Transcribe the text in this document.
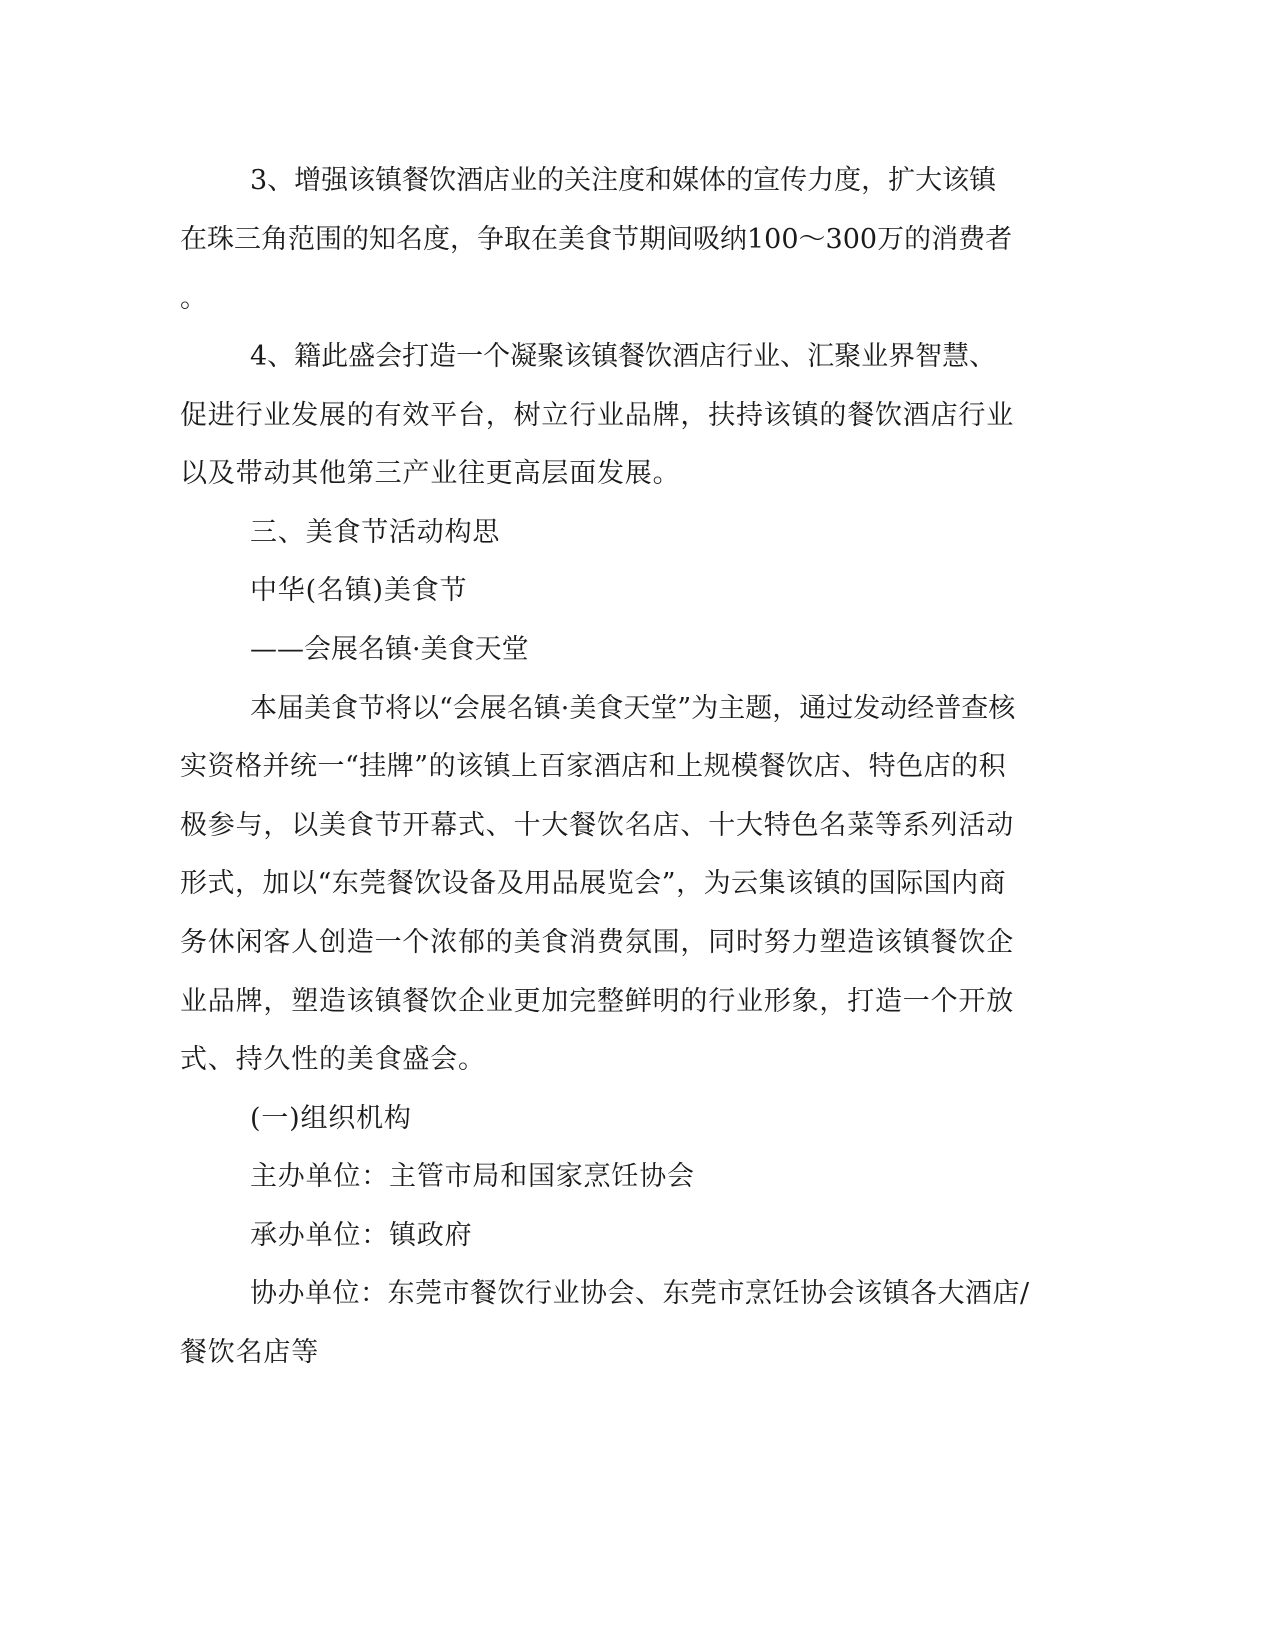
3、增强该镇餐饮酒店业的关注度和媒体的宣传力度，扩大该镇

在珠三角范围的知名度，争取在美食节期间吸纳100～300万的消费者

。

4、籍此盛会打造一个凝聚该镇餐饮酒店行业、汇聚业界智慧、

促进行业发展的有效平台，树立行业品牌，扶持该镇的餐饮酒店行业

以及带动其他第三产业往更高层面发展。

三、美食节活动构思

中华(名镇)美食节

——会展名镇·美食天堂

本届美食节将以“会展名镇·美食天堂”为主题，通过发动经普查核

实资格并统一“挂牌”的该镇上百家酒店和上规模餐饮店、特色店的积

极参与，以美食节开幕式、十大餐饮名店、十大特色名菜等系列活动

形式，加以“东莞餐饮设备及用品展览会”，为云集该镇的国际国内商

务休闲客人创造一个浓郁的美食消费氛围，同时努力塑造该镇餐饮企

业品牌，塑造该镇餐饮企业更加完整鲜明的行业形象，打造一个开放

式、持久性的美食盛会。

(一)组织机构

主办单位：主管市局和国家烹饪协会

承办单位：镇政府

协办单位：东莞市餐饮行业协会、东莞市烹饪协会该镇各大酒店/

餐饮名店等
